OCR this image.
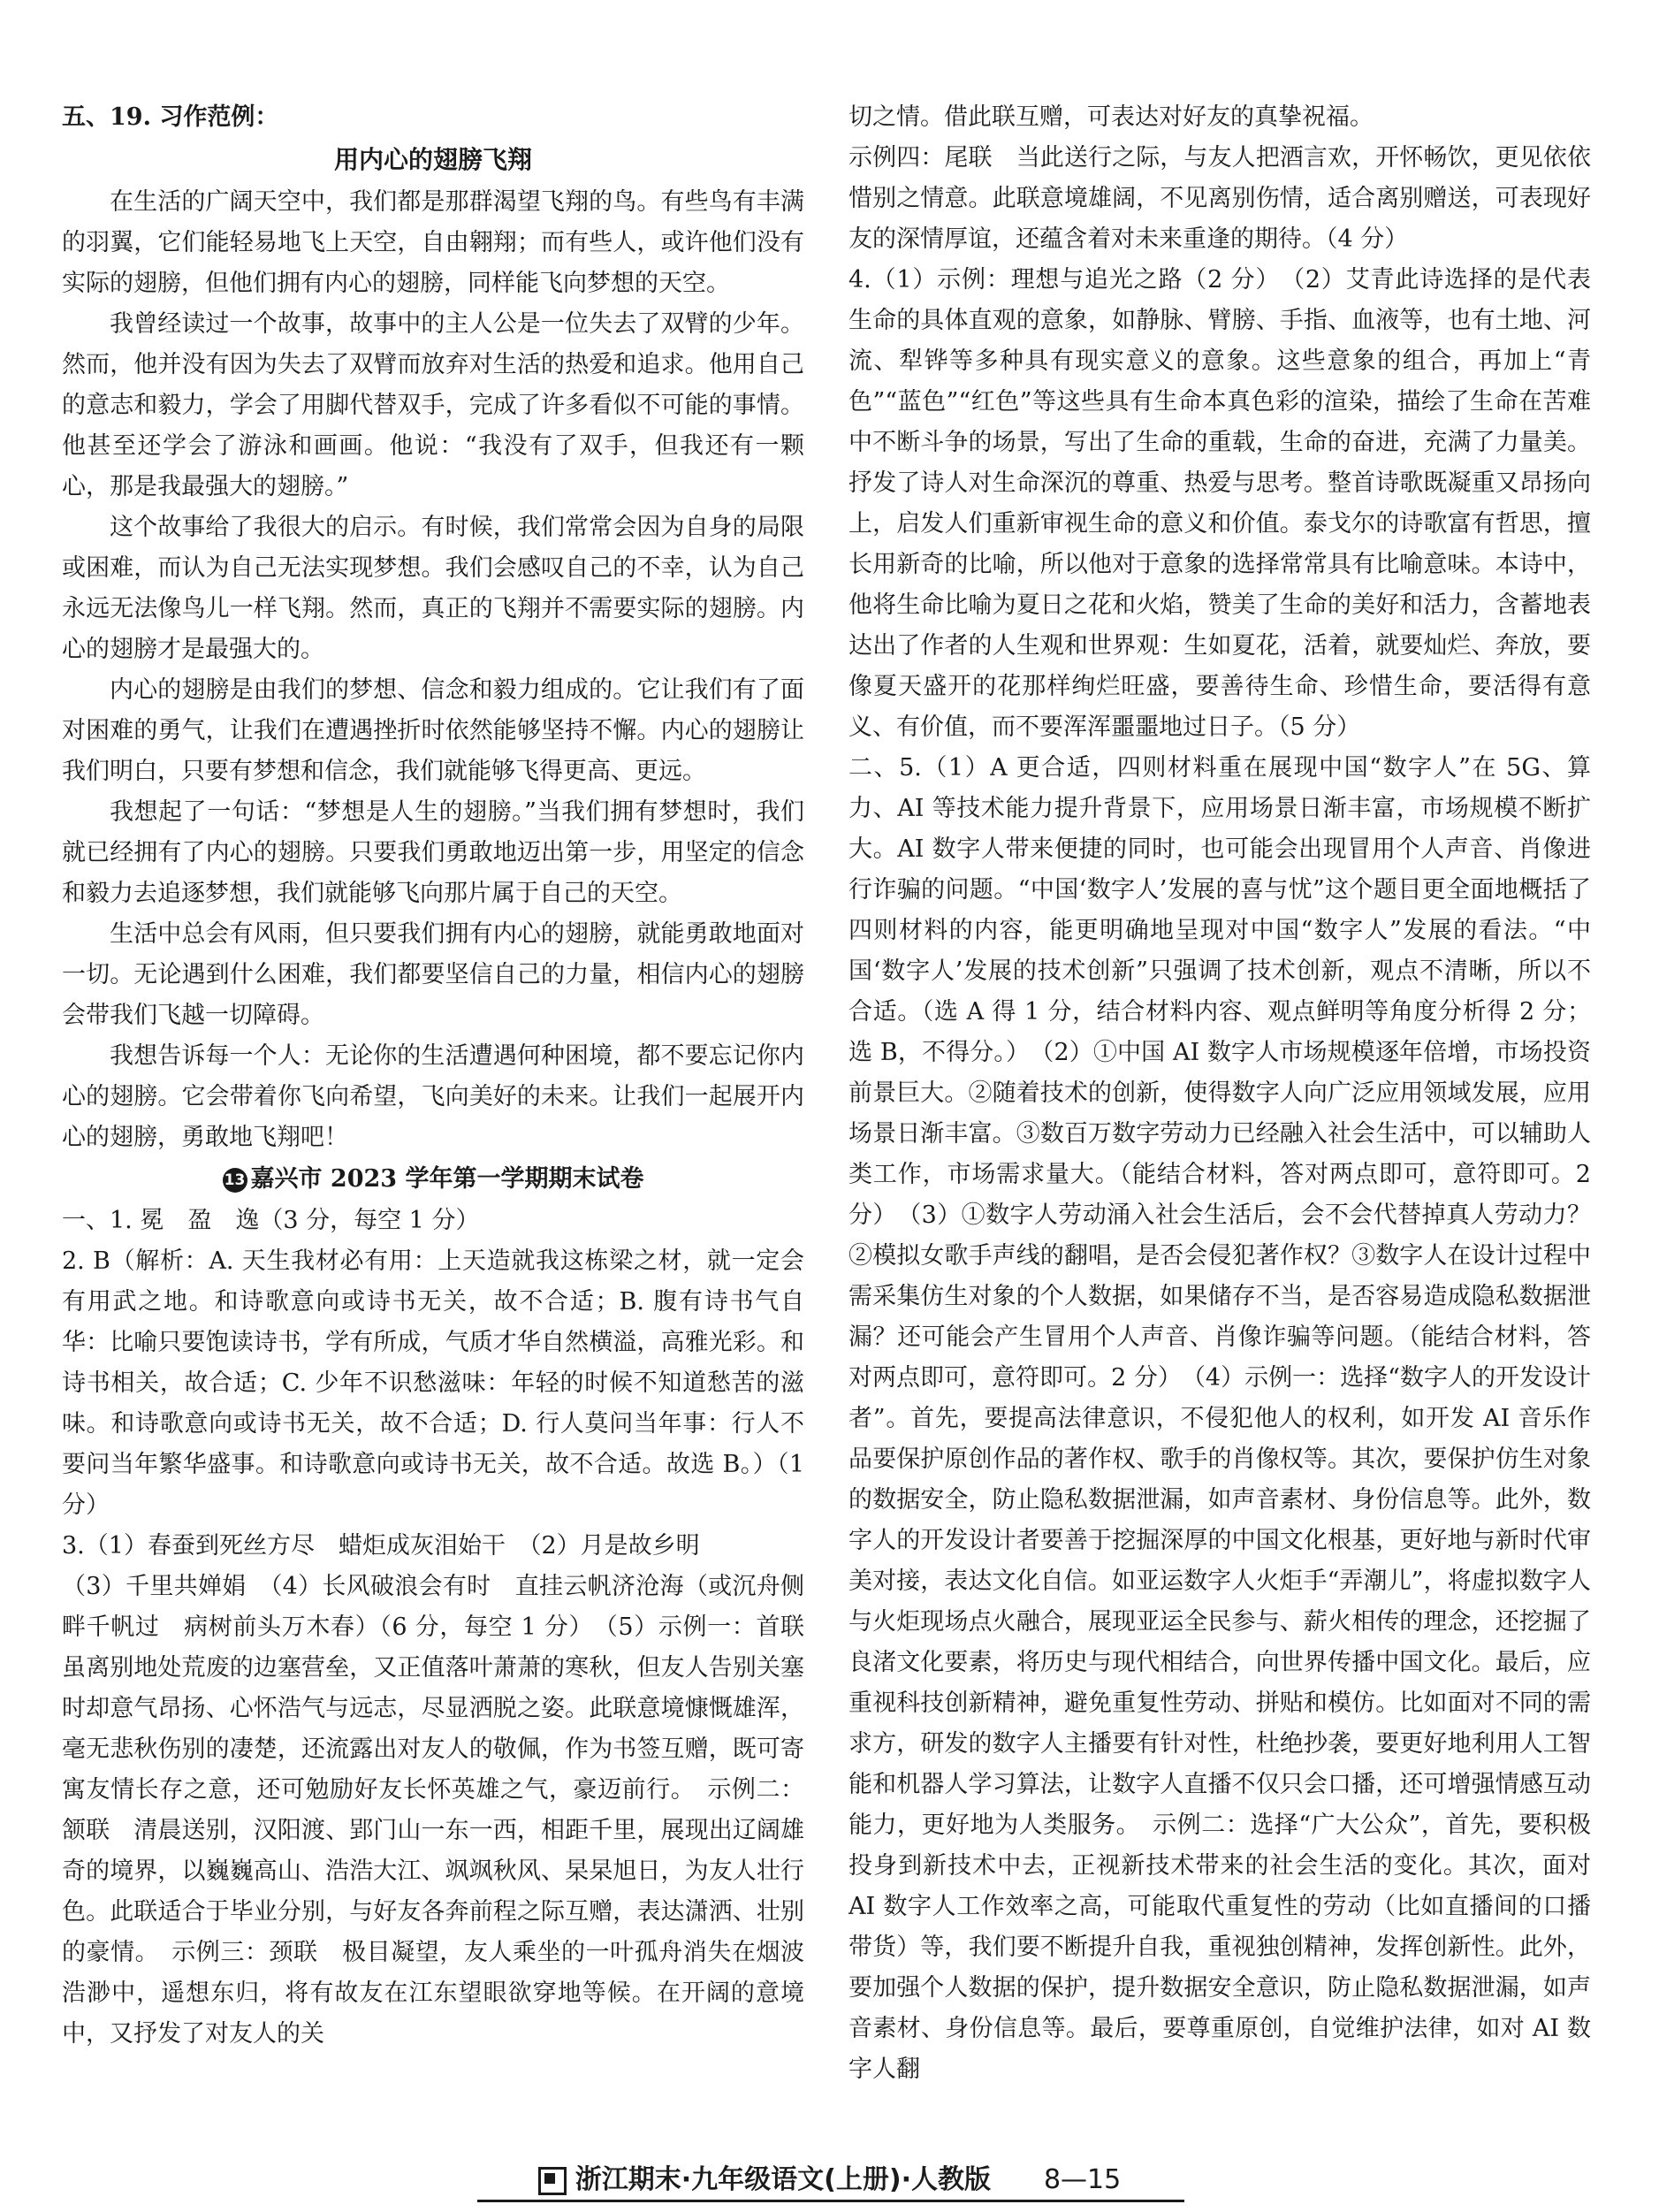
五、19. 习作范例：

用内心的翅膀飞翔

在生活的广阔天空中，我们都是那群渴望飞翔的鸟。有些鸟有丰满的羽翼，它们能轻易地飞上天空，自由翱翔；而有些人，或许他们没有实际的翅膀，但他们拥有内心的翅膀，同样能飞向梦想的天空。

我曾经读过一个故事，故事中的主人公是一位失去了双臂的少年。然而，他并没有因为失去了双臂而放弃对生活的热爱和追求。他用自己的意志和毅力，学会了用脚代替双手，完成了许多看似不可能的事情。他甚至还学会了游泳和画画。他说：“我没有了双手，但我还有一颗心，那是我最强大的翅膀。”

这个故事给了我很大的启示。有时候，我们常常会因为自身的局限或困难，而认为自己无法实现梦想。我们会感叹自己的不幸，认为自己永远无法像鸟儿一样飞翔。然而，真正的飞翔并不需要实际的翅膀。内心的翅膀才是最强大的。

内心的翅膀是由我们的梦想、信念和毅力组成的。它让我们有了面对困难的勇气，让我们在遭遇挫折时依然能够坚持不懈。内心的翅膀让我们明白，只要有梦想和信念，我们就能够飞得更高、更远。

我想起了一句话：“梦想是人生的翅膀。”当我们拥有梦想时，我们就已经拥有了内心的翅膀。只要我们勇敢地迈出第一步，用坚定的信念和毅力去追逐梦想，我们就能够飞向那片属于自己的天空。

生活中总会有风雨，但只要我们拥有内心的翅膀，就能勇敢地面对一切。无论遇到什么困难，我们都要坚信自己的力量，相信内心的翅膀会带我们飞越一切障碍。

我想告诉每一个人：无论你的生活遭遇何种困境，都不要忘记你内心的翅膀。它会带着你飞向希望，飞向美好的未来。让我们一起展开内心的翅膀，勇敢地飞翔吧！

13 嘉兴市 2023 学年第一学期期末试卷

一、1. 冕　盈　逸（3 分，每空 1 分）

2. B（解析：A. 天生我材必有用：上天造就我这栋梁之材，就一定会有用武之地。和诗歌意向或诗书无关，故不合适；B. 腹有诗书气自华：比喻只要饱读诗书，学有所成，气质才华自然横溢，高雅光彩。和诗书相关，故合适；C. 少年不识愁滋味：年轻的时候不知道愁苦的滋味。和诗歌意向或诗书无关，故不合适；D. 行人莫问当年事：行人不要问当年繁华盛事。和诗歌意向或诗书无关，故不合适。故选 B。）（1 分）

3.（1）春蚕到死丝方尽　蜡炬成灰泪始干　（2）月是故乡明

（3）千里共婵娟　（4）长风破浪会有时　直挂云帆济沧海（或沉舟侧畔千帆过　病树前头万木春）（6 分，每空 1 分）　（5）示例一：首联　虽离别地处荒废的边塞营垒，又正值落叶萧萧的寒秋，但友人告别关塞时却意气昂扬、心怀浩气与远志，尽显洒脱之姿。此联意境慷慨雄浑，毫无悲秋伤别的凄楚，还流露出对友人的敬佩，作为书签互赠，既可寄寓友情长存之意，还可勉励好友长怀英雄之气，豪迈前行。　示例二：颔联　清晨送别，汉阳渡、郢门山一东一西，相距千里，展现出辽阔雄奇的境界，以巍巍高山、浩浩大江、飒飒秋风、杲杲旭日，为友人壮行色。此联适合于毕业分别，与好友各奔前程之际互赠，表达潇洒、壮别的豪情。　示例三：颈联　极目凝望，友人乘坐的一叶孤舟消失在烟波浩渺中，遥想东归，将有故友在江东望眼欲穿地等候。在开阔的意境中，又抒发了对友人的关

切之情。借此联互赠，可表达对好友的真挚祝福。

示例四：尾联　当此送行之际，与友人把酒言欢，开怀畅饮，更见依依惜别之情意。此联意境雄阔，不见离别伤情，适合离别赠送，可表现好友的深情厚谊，还蕴含着对未来重逢的期待。（4 分）

4.（1）示例：理想与追光之路（2 分）　（2）艾青此诗选择的是代表生命的具体直观的意象，如静脉、臂膀、手指、血液等，也有土地、河流、犁铧等多种具有现实意义的意象。这些意象的组合，再加上“青色”“蓝色”“红色”等这些具有生命本真色彩的渲染，描绘了生命在苦难中不断斗争的场景，写出了生命的重载，生命的奋进，充满了力量美。抒发了诗人对生命深沉的尊重、热爱与思考。整首诗歌既凝重又昂扬向上，启发人们重新审视生命的意义和价值。泰戈尔的诗歌富有哲思，擅长用新奇的比喻，所以他对于意象的选择常常具有比喻意味。本诗中，他将生命比喻为夏日之花和火焰，赞美了生命的美好和活力，含蓄地表达出了作者的人生观和世界观：生如夏花，活着，就要灿烂、奔放，要像夏天盛开的花那样绚烂旺盛，要善待生命、珍惜生命，要活得有意义、有价值，而不要浑浑噩噩地过日子。（5 分）

二、5.（1）A 更合适，四则材料重在展现中国“数字人”在 5G、算力、AI 等技术能力提升背景下，应用场景日渐丰富，市场规模不断扩大。AI 数字人带来便捷的同时，也可能会出现冒用个人声音、肖像进行诈骗的问题。“中国‘数字人’发展的喜与忧”这个题目更全面地概括了四则材料的内容，能更明确地呈现对中国“数字人”发展的看法。“中国‘数字人’发展的技术创新”只强调了技术创新，观点不清晰，所以不合适。（选 A 得 1 分，结合材料内容、观点鲜明等角度分析得 2 分；选 B，不得分。）　（2）①中国 AI 数字人市场规模逐年倍增，市场投资前景巨大。②随着技术的创新，使得数字人向广泛应用领域发展，应用场景日渐丰富。③数百万数字劳动力已经融入社会生活中，可以辅助人类工作，市场需求量大。（能结合材料，答对两点即可，意符即可。2 分）　（3）①数字人劳动涌入社会生活后，会不会代替掉真人劳动力？②模拟女歌手声线的翻唱，是否会侵犯著作权？③数字人在设计过程中需采集仿生对象的个人数据，如果储存不当，是否容易造成隐私数据泄漏？还可能会产生冒用个人声音、肖像诈骗等问题。（能结合材料，答对两点即可，意符即可。2 分）　（4）示例一：选择“数字人的开发设计者”。首先，要提高法律意识，不侵犯他人的权利，如开发 AI 音乐作品要保护原创作品的著作权、歌手的肖像权等。其次，要保护仿生对象的数据安全，防止隐私数据泄漏，如声音素材、身份信息等。此外，数字人的开发设计者要善于挖掘深厚的中国文化根基，更好地与新时代审美对接，表达文化自信。如亚运数字人火炬手“弄潮儿”，将虚拟数字人与火炬现场点火融合，展现亚运全民参与、薪火相传的理念，还挖掘了良渚文化要素，将历史与现代相结合，向世界传播中国文化。最后，应重视科技创新精神，避免重复性劳动、拼贴和模仿。比如面对不同的需求方，研发的数字人主播要有针对性，杜绝抄袭，要更好地利用人工智能和机器人学习算法，让数字人直播不仅只会口播，还可增强情感互动能力，更好地为人类服务。　示例二：选择“广大公众”，首先，要积极投身到新技术中去，正视新技术带来的社会生活的变化。其次，面对 AI 数字人工作效率之高，可能取代重复性的劳动（比如直播间的口播带货）等，我们要不断提升自我，重视独创精神，发挥创新性。此外，要加强个人数据的保护，提升数据安全意识，防止隐私数据泄漏，如声音素材、身份信息等。最后，要尊重原创，自觉维护法律，如对 AI 数字人翻

浙江期末·九年级语文(上册)·人教版 8—15
